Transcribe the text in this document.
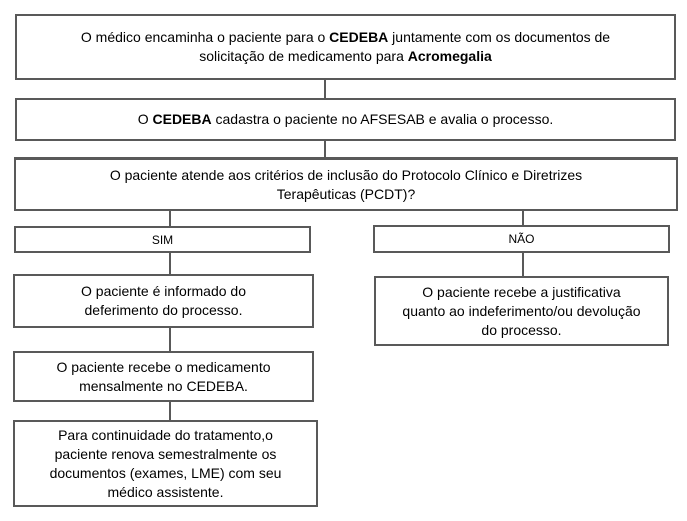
O médico encaminha o paciente para o CEDEBA juntamente com os documentos de
solicitação de medicamento para Acromegalia
O CEDEBA cadastra o paciente no AFSESAB e avalia o processo.
O paciente atende aos critérios de inclusão do Protocolo Clínico e Diretrizes
Terapêuticas (PCDT)?
SIM	NÃO
O paciente é informado do
deferimento do processo.
O paciente recebe a justificativa
quanto ao indeferimento/ou devolução
do processo.
O paciente recebe o medicamento
mensalmente no CEDEBA.
Para continuidade do tratamento,o
paciente renova semestralmente os
documentos (exames, LME) com seu
médico assistente.
